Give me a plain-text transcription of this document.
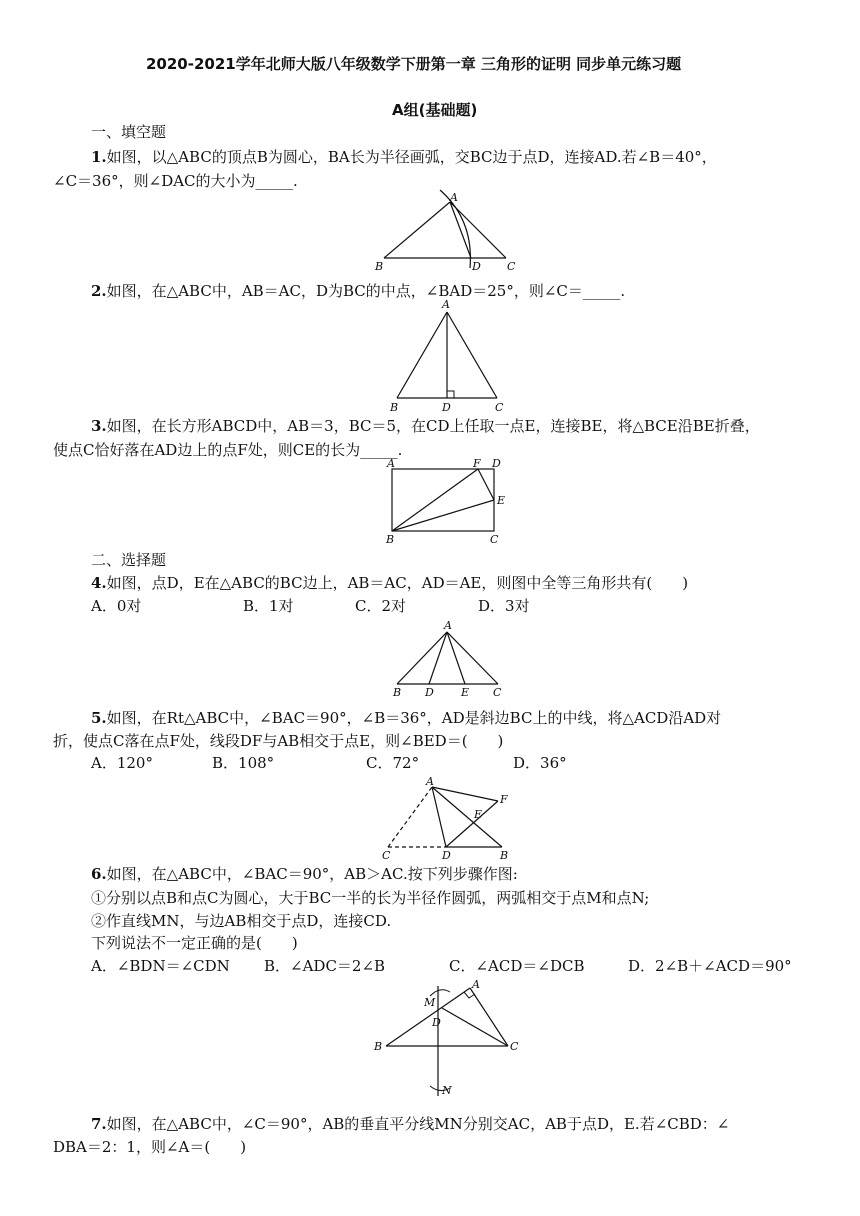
2020-2021学年北师大版八年级数学下册第一章 三角形的证明 同步单元练习题
A组(基础题)
一、填空题
1.如图，以△ABC的顶点B为圆心，BA长为半径画弧，交BC边于点D，连接AD.若∠B＝40°，
∠C＝36°，则∠DAC的大小为_____.
A
B	D C
2.如图，在△ABC中，AB＝AC，D为BC的中点，∠BAD＝25°，则∠C＝_____.
A
B	D	C
3.如图，在长方形ABCD中，AB＝3，BC＝5，在CD上任取一点E，连接BE，将△BCE沿BE折叠，
使点C恰好落在AD边上的点F处，则CE的长为_____.
A	F D
E
B	C
二、选择题
4.如图，点D，E在△ABC的BC边上，AB＝AC，AD＝AE，则图中全等三角形共有(　　)
A．0对	B．1对	C．2对	D．3对
A
B D E C
5.如图，在Rt△ABC中，∠BAC＝90°，∠B＝36°，AD是斜边BC上的中线，将△ACD沿AD对
折，使点C落在点F处，线段DF与AB相交于点E，则∠BED＝(　　)
A．120°	B．108°	C．72°	D．36°
A
F
E
C	D	B
6.如图，在△ABC中，∠BAC＝90°，AB＞AC.按下列步骤作图:
①分别以点B和点C为圆心，大于BC一半的长为半径作圆弧，两弧相交于点M和点N;
②作直线MN，与边AB相交于点D，连接CD.
下列说法不一定正确的是(　　)
A．∠BDN＝∠CDN B．∠ADC＝2∠B	C．∠ACD＝∠DCB	D．2∠B＋∠ACD＝90°
M
A
D
B	C
N
7.如图，在△ABC中，∠C＝90°，AB的垂直平分线MN分别交AC，AB于点D，E.若∠CBD：∠
DBA＝2：1，则∠A＝(　　)
